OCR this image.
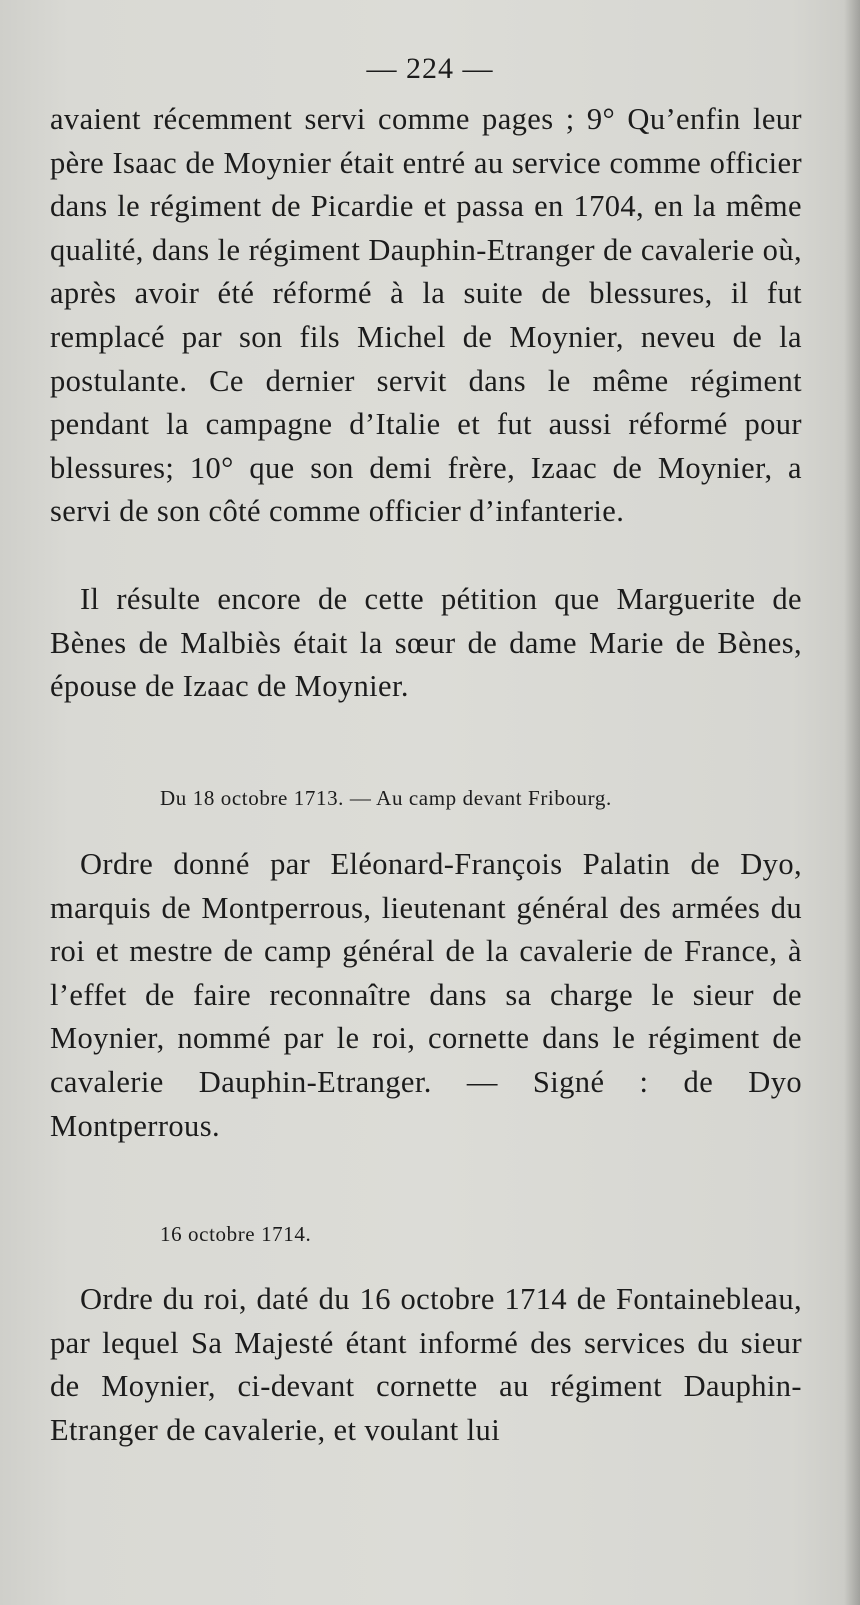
— 224 —

avaient récemment servi comme pages ; 9° Qu’enfin leur père Isaac de Moynier était entré au service comme officier dans le régiment de Picardie et passa en 1704, en la même qualité, dans le régiment Dauphin-Etranger de cavalerie où, après avoir été réformé à la suite de blessures, il fut remplacé par son fils Michel de Moynier, neveu de la postulante. Ce dernier servit dans le même régiment pendant la campagne d’Italie et fut aussi réformé pour blessures; 10° que son demi frère, Izaac de Moynier, a servi de son côté comme officier d’infanterie.

Il résulte encore de cette pétition que Marguerite de Bènes de Malbiès était la sœur de dame Marie de Bènes, épouse de Izaac de Moynier.

Du 18 octobre 1713. — Au camp devant Fribourg.

Ordre donné par Eléonard-François Palatin de Dyo, marquis de Montperrous, lieutenant général des armées du roi et mestre de camp général de la cavalerie de France, à l’effet de faire reconnaître dans sa charge le sieur de Moynier, nommé par le roi, cornette dans le régiment de cavalerie Dauphin-Etranger. — Signé : de Dyo Montperrous.

16 octobre 1714.

Ordre du roi, daté du 16 octobre 1714 de Fontainebleau, par lequel Sa Majesté étant informé des services du sieur de Moynier, ci-devant cornette au régiment Dauphin-Etranger de cavalerie, et voulant lui
